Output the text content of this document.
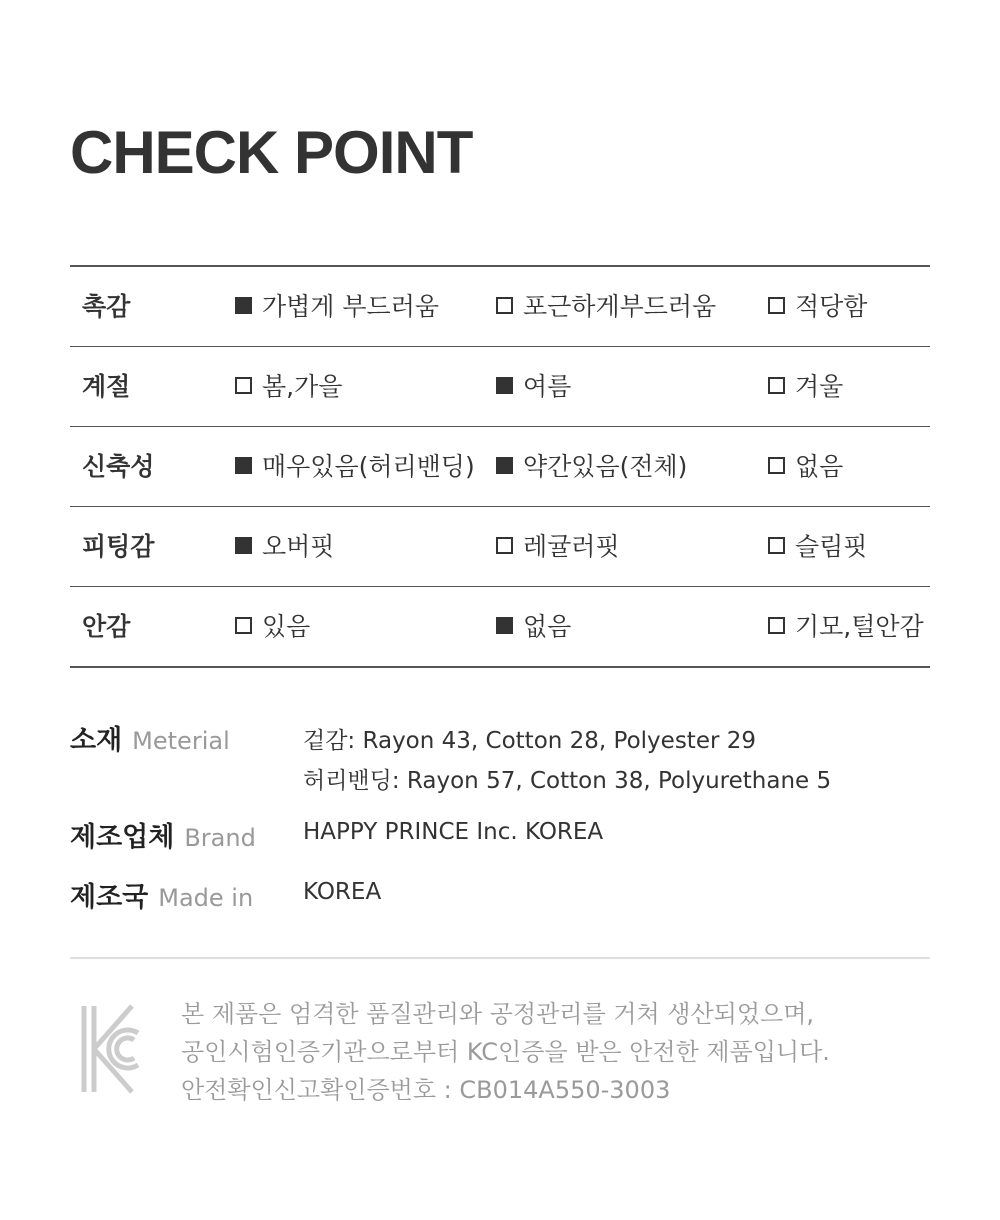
CHECK POINT
촉감	가볍게 부드러움	포근하게부드러움	적당함
계절	봄,가을	여름	겨울
신축성	매우있음(허리밴딩)	약간있음(전체)	없음
피팅감	오버핏	레귤러핏	슬림핏
안감	있음	없음	기모,털안감
소재 Meterial	겉감: Rayon 43, Cotton 28, Polyester 29
허리밴딩: Rayon 57, Cotton 38, Polyurethane 5
제조업체 Brand HAPPY PRINCE Inc. KOREA
제조국 Made in KOREA
본 제품은 엄격한 품질관리와 공정관리를 거쳐 생산되었으며,
공인시험인증기관으로부터 KC인증을 받은 안전한 제품입니다.
안전확인신고확인증번호 : CB014A550-3003
